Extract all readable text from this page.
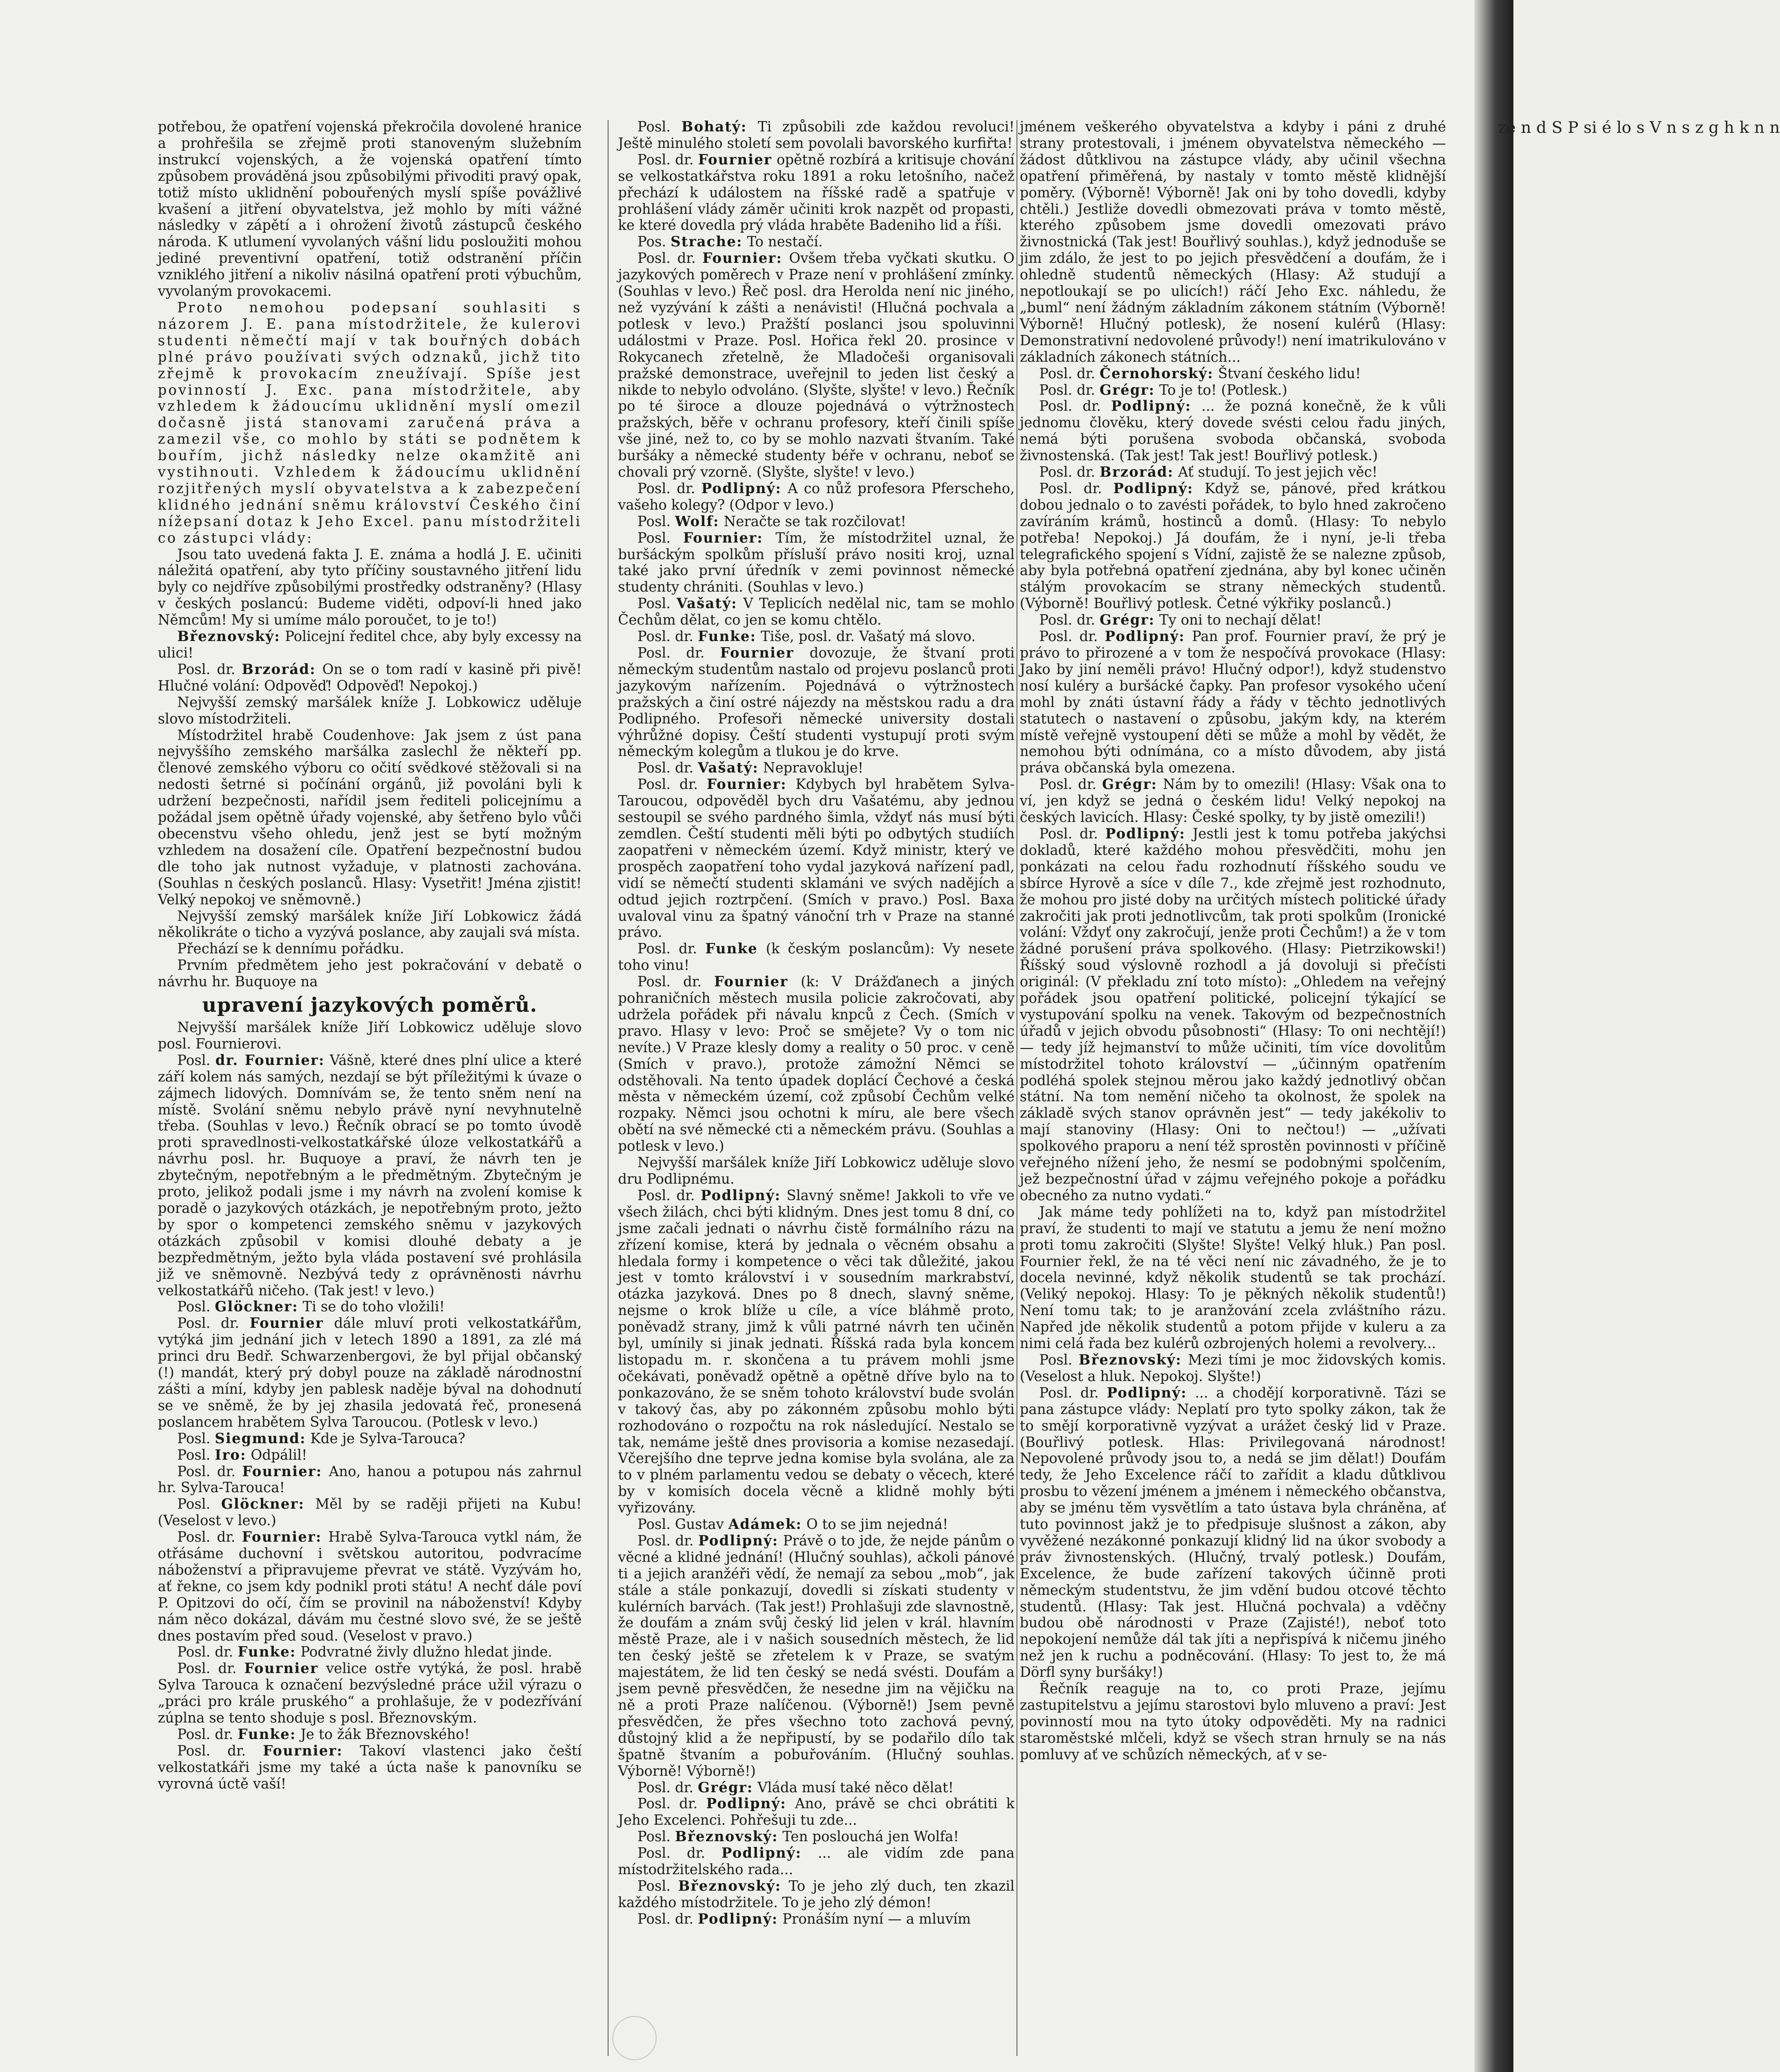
potřebou, že opatření vojenská překročila dovolené hranice a prohřešila se zřejmě proti stanoveným služebním instrukcí vojenských, a že vojenská opatření tímto způsobem prováděná jsou způsobilými přivoditi pravý opak, totiž místo uklidnění pobouřených myslí spíše povážlivé kvašení a jitření obyvatelstva, jež mohlo by míti vážné následky v zápětí a i ohrožení životů zástupců českého národa. K utlumení vyvolaných vášní lidu posloužiti mohou jediné preventivní opatření, totiž odstranění příčin vzniklého jitření a nikoliv násilná opatření proti výbuchům, vyvolaným provokacemi.

Proto nemohou podepsaní souhlasiti s názorem J. E. pana místodržitele, že kulerovi studenti němečtí mají v tak bouřných dobách plné právo používati svých odznaků, jichž tito zřejmě k provokacím zneužívají. Spíše jest povinností J. Exc. pana místodržitele, aby vzhledem k žádoucímu uklidnění myslí omezil dočasně jistá stanovami zaručená práva a zamezil vše, co mohlo by státi se podnětem k bouřím, jichž následky nelze okamžitě ani vystihnouti. Vzhledem k žádoucímu uklidnění rozjitřených myslí obyvatelstva a k zabezpečení klidného jednání sněmu království Českého činí nížepsaní dotaz k Jeho Excel. panu místodržiteli co zástupci vlády:

Jsou tato uvedená fakta J. E. známa a hodlá J. E. učiniti náležitá opatření, aby tyto příčiny soustavného jitření lidu byly co nejdříve způsobilými prostředky odstraněny? (Hlasy v českých poslancú: Budeme viděti, odpoví-li hned jako Němcům! My si umíme málo poroučet, to je to!)

Březnovský: Policejní ředitel chce, aby byly excessy na ulici!

Posl. dr. Brzorád: On se o tom radí v kasině při pivě! Hlučné volání: Odpověď! Odpověď! Nepokoj.)

Nejvyšší zemský maršálek kníže J. Lobkowicz uděluje slovo místodržiteli.

Místodržitel hrabě Coudenhove: Jak jsem z úst pana nejvyššího zemského maršálka zaslechl že někteří pp. členové zemského výboru co očití svědkové stěžovali si na nedosti šetrné si počínání orgánů, již povoláni byli k udržení bezpečnosti, nařídil jsem řediteli policejnímu a požádal jsem opětně úřady vojenské, aby šetřeno bylo vůči obecenstvu všeho ohledu, jenž jest se bytí možným vzhledem na dosažení cíle. Opatření bezpečnostní budou dle toho jak nutnost vyžaduje, v platnosti zachována. (Souhlas n českých poslanců. Hlasy: Vysetřit! Jména zjistit! Velký nepokoj ve sněmovně.)

Nejvyšší zemský maršálek kníže Jiří Lobkowicz žádá několikráte o ticho a vyzývá poslance, aby zaujali svá místa.

Přechází se k dennímu pořádku.

Prvním předmětem jeho jest pokračování v debatě o návrhu hr. Buquoye na

upravení jazykových poměrů.

Nejvyšší maršálek kníže Jiří Lobkowicz uděluje slovo posl. Fournierovi.

Posl. dr. Fournier: Vášně, které dnes plní ulice a které září kolem nás samých, nezdají se být příležitými k úvaze o zájmech lidových. Domnívám se, že tento sněm není na místě. Svolání sněmu nebylo právě nyní nevyhnutelně třeba. (Souhlas v levo.) Řečník obrací se po tomto úvodě proti spravedlnosti-velkostatkářské úloze velkostatkářů a návrhu posl. hr. Buquoye a praví, že návrh ten je zbytečným, nepotřebným a le předmětným. Zbytečným je proto, jelikož podali jsme i my návrh na zvolení komise k poradě o jazykových otázkách, je nepotřebným proto, ježto by spor o kompetenci zemského sněmu v jazykových otázkách způsobil v komisi dlouhé debaty a je bezpředmětným, ježto byla vláda postavení své prohlásila již ve sněmovně. Nezbývá tedy z oprávněnosti návrhu velkostatkářů ničeho. (Tak jest! v levo.)

Posl. Glöckner: Ti se do toho vložili!

Posl. dr. Fournier dále mluví proti velkostatkářům, vytýká jim jednání jich v letech 1890 a 1891, za zlé má princi dru Bedř. Schwarzenbergovi, že byl přijal občanský (!) mandát, který prý dobyl pouze na základě národnostní zášti a míní, kdyby jen pablesk naděje býval na dohodnutí se ve sněmě, že by jej zhasila jedovatá řeč, pronesená poslancem hrabětem Sylva Taroucou. (Potlesk v levo.)

Posl. Siegmund: Kde je Sylva-Tarouca?

Posl. Iro: Odpálil!

Posl. dr. Fournier: Ano, hanou a potupou nás zahrnul hr. Sylva-Tarouca!

Posl. Glöckner: Měl by se raději přijeti na Kubu! (Veselost v levo.)

Posl. dr. Fournier: Hrabě Sylva-Tarouca vytkl nám, že otřásáme duchovní i světskou autoritou, podvracíme náboženství a připravujeme převrat ve státě. Vyzývám ho, ať řekne, co jsem kdy podnikl proti státu! A nechť dále poví P. Opitzovi do očí, čím se provinil na náboženství! Kdyby nám něco dokázal, dávám mu čestné slovo své, že se ještě dnes postavím před soud. (Veselost v pravo.)

Posl. dr. Funke: Podvratné živly dlužno hledat jinde.

Posl. dr. Fournier velice ostře vytýká, že posl. hrabě Sylva Tarouca k označení bezvýsledné práce užil výrazu o „práci pro krále pruského“ a prohlašuje, že v podezřívání zúplna se tento shoduje s posl. Březnovským.

Posl. dr. Funke: Je to žák Březnovského!

Posl. dr. Fournier: Takoví vlastenci jako čeští velkostatkáři jsme my také a úcta naše k panovníku se vyrovná úctě vaší!

Posl. Bohatý: Ti způsobili zde každou revoluci! Ještě minulého století sem povolali bavorského kurfiřta!

Posl. dr. Fournier opětně rozbírá a kritisuje chování se velkostatkářstva roku 1891 a roku letošního, načež přechází k událostem na říšské radě a spatřuje v prohlášení vlády záměr učiniti krok nazpět od propasti, ke které dovedla prý vláda hraběte Badeniho lid a říši.

Pos. Strache: To nestačí.

Posl. dr. Fournier: Ovšem třeba vyčkati skutku. O jazykových poměrech v Praze není v prohlášení zmínky. (Souhlas v levo.) Řeč posl. dra Herolda není nic jiného, než vyzývání k zášti a nenávisti! (Hlučná pochvala a potlesk v levo.) Pražští poslanci jsou spoluvinni událostmi v Praze. Posl. Hořica řekl 20. prosince v Rokycanech zřetelně, že Mladočeši organisovali pražské demonstrace, uveřejnil to jeden list český a nikde to nebylo odvoláno. (Slyšte, slyšte! v levo.) Řečník po té široce a dlouze pojednává o výtržnostech pražských, běře v ochranu profesory, kteří činili spíše vše jiné, než to, co by se mohlo nazvati štvaním. Také buršáky a německé studenty béře v ochranu, neboť se chovali prý vzorně. (Slyšte, slyšte! v levo.)

Posl. dr. Podlipný: A co nůž profesora Pferscheho, vašeho kolegy? (Odpor v levo.)

Posl. Wolf: Neračte se tak rozčilovat!

Posl. Fournier: Tím, že místodržitel uznal, že buršáckým spolkům přísluší právo nositi kroj, uznal také jako první úředník v zemi povinnost německé studenty chrániti. (Souhlas v levo.)

Posl. Vašatý: V Teplicích nedělal nic, tam se mohlo Čechům dělat, co jen se komu chtělo.

Posl. dr. Funke: Tiše, posl. dr. Vašatý má slovo.

Posl. dr. Fournier dovozuje, že štvaní proti německým studentům nastalo od projevu poslanců proti jazykovým nařízením. Pojednává o výtržnostech pražských a činí ostré nájezdy na městskou radu a dra Podlipného. Profesoři německé university dostali výhrůžné dopisy. Čeští studenti vystupují proti svým německým kolegům a tlukou je do krve.

Posl. dr. Vašatý: Nepravokluje!

Posl. dr. Fournier: Kdybych byl hrabětem Sylva-Taroucou, odpověděl bych dru Vašatému, aby jednou sestoupil se svého pardného šimla, vždyť nás musí býti zemdlen. Čeští studenti měli býti po odbytých studiích zaopatřeni v německém území. Když ministr, který ve prospěch zaopatření toho vydal jazyková nařízení padl, vidí se němečtí studenti sklamáni ve svých nadějích a odtud jejich roztrpčení. (Smích v pravo.) Posl. Baxa uvaloval vinu za špatný vánoční trh v Praze na stanné právo.

Posl. dr. Funke (k českým poslancům): Vy nesete toho vinu!

Posl. dr. Fournier (k: V Drážďanech a jiných pohraničních městech musila policie zakročovati, aby udržela pořádek při návalu knpců z Čech. (Smích v pravo. Hlasy v levo: Proč se smějete? Vy o tom nic nevíte.) V Praze klesly domy a reality o 50 proc. v ceně (Smích v pravo.), protože zámožní Němci se odstěhovali. Na tento úpadek doplácí Čechové a česká města v německém území, což způsobí Čechům velké rozpaky. Němci jsou ochotni k míru, ale bere všech obětí na své německé cti a německém právu. (Souhlas a potlesk v levo.)

Nejvyšší maršálek kníže Jiří Lobkowicz uděluje slovo dru Podlipnému.

Posl. dr. Podlipný: Slavný sněme! Jakkoli to vře ve všech žilách, chci býti klidným. Dnes jest tomu 8 dní, co jsme začali jednati o návrhu čistě formálního rázu na zřízení komise, která by jednala o věcném obsahu a hledala formy i kompetence o věci tak důležité, jakou jest v tomto království i v sousedním markrabství, otázka jazyková. Dnes po 8 dnech, slavný sněme, nejsme o krok blíže u cíle, a více bláhmě proto, poněvadž strany, jimž k vůli patrné návrh ten učiněn byl, umínily si jinak jednati. Říšská rada byla koncem listopadu m. r. skončena a tu právem mohli jsme očekávati, poněvadž opětně a opětně dříve bylo na to ponkazováno, že se sněm tohoto království bude svolán v takový čas, aby po zákonném způsobu mohlo býti rozhodováno o rozpočtu na rok následující. Nestalo se tak, nemáme ještě dnes provisoria a komise nezasedají. Včerejšího dne teprve jedna komise byla svolána, ale za to v plném parlamentu vedou se debaty o věcech, které by v komisích docela věcně a klidně mohly býti vyřizovány.

Posl. Gustav Adámek: O to se jim nejedná!

Posl. dr. Podlipný: Právě o to jde, že nejde pánům o věcné a klidné jednání! (Hlučný souhlas), ačkoli pánové ti a jejich aranžéři vědí, že nemají za sebou „mob“, jak stále a stále ponkazují, dovedli si získati studenty v kulérních barvách. (Tak jest!) Prohlašuji zde slavnostně, že doufám a znám svůj český lid jelen v král. hlavním městě Praze, ale i v našich sousedních městech, že lid ten český ještě se zřetelem k v Praze, se svatým majestátem, že lid ten český se nedá svésti. Doufám a jsem pevně přesvědčen, že nesedne jim na vějičku na ně a proti Praze nalíčenou. (Výborně!) Jsem pevně přesvědčen, že přes všechno toto zachová pevný, důstojný klid a že nepřipustí, by se podařilo dílo tak špatně štvaním a pobuřováním. (Hlučný souhlas. Výborně! Výborně!)

Posl. dr. Grégr: Vláda musí také něco dělat!

Posl. dr. Podlipný: Ano, právě se chci obrátiti k Jeho Excelenci. Pohřešuji tu zde...

Posl. Březnovský: Ten poslouchá jen Wolfa!

Posl. dr. Podlipný: ... ale vidím zde pana místodržitelského rada...

Posl. Březnovský: To je jeho zlý duch, ten zkazil každého místodržitele. To je jeho zlý démon!

Posl. dr. Podlipný: Pronáším nyní — a mluvím

jménem veškerého obyvatelstva a kdyby i páni z druhé strany protestovali, i jménem obyvatelstva německého — žádost důtklivou na zástupce vlády, aby učinil všechna opatření přiměřená, by nastaly v tomto městě klidnější poměry. (Výborně! Výborně! Jak oni by toho dovedli, kdyby chtěli.) Jestliže dovedli obmezovati práva v tomto městě, kterého způsobem jsme dovedli omezovati právo živnostnická (Tak jest! Bouřlivý souhlas.), když jednoduše se jim zdálo, že jest to po jejich přesvědčení a doufám, že i ohledně studentů německých (Hlasy: Až studují a nepotloukají se po ulicích!) ráčí Jeho Exc. náhledu, že „buml“ není žádným základním zákonem státním (Výborně! Výborně! Hlučný potlesk), že nosení kulérů (Hlasy: Demonstrativní nedovolené průvody!) není imatrikulováno v základních zákonech státních...

Posl. dr. Černohorský: Štvaní českého lidu!

Posl. dr. Grégr: To je to! (Potlesk.)

Posl. dr. Podlipný: ... že pozná konečně, že k vůli jednomu člověku, který dovede svésti celou řadu jiných, nemá býti porušena svoboda občanská, svoboda živnostenská. (Tak jest! Tak jest! Bouřlivý potlesk.)

Posl. dr. Brzorád: Ať studují. To jest jejich věc!

Posl. dr. Podlipný: Když se, pánové, před krátkou dobou jednalo o to zavésti pořádek, to bylo hned zakročeno zavíráním krámů, hostinců a domů. (Hlasy: To nebylo potřeba! Nepokoj.) Já doufám, že i nyní, je-li třeba telegrafického spojení s Vídní, zajistě že se nalezne způsob, aby byla potřebná opatření zjednána, aby byl konec učiněn stálým provokacím se strany německých studentů. (Výborně! Bouřlivý potlesk. Četné výkřiky poslanců.)

Posl. dr. Grégr: Ty oni to nechají dělat!

Posl. dr. Podlipný: Pan prof. Fournier praví, že prý je právo to přirozené a v tom že nespočívá provokace (Hlasy: Jako by jiní neměli právo! Hlučný odpor!), když studenstvo nosí kuléry a buršácké čapky. Pan profesor vysokého učení mohl by znáti ústavní řády a řády v těchto jednotlivých statutech o nastavení o způsobu, jakým kdy, na kterém místě veřejně vystoupení děti se může a mohl by vědět, že nemohou býti odnímána, co a místo důvodem, aby jistá práva občanská byla omezena.

Posl. dr. Grégr: Nám by to omezili! (Hlasy: Však ona to ví, jen když se jedná o českém lidu! Velký nepokoj na českých lavicích. Hlasy: České spolky, ty by jistě omezili!)

Posl. dr. Podlipný: Jestli jest k tomu potřeba jakýchsi dokladů, které každého mohou přesvědčiti, mohu jen ponkázati na celou řadu rozhodnutí říšského soudu ve sbírce Hyrově a síce v díle 7., kde zřejmě jest rozhodnuto, že mohou pro jisté doby na určitých místech politické úřady zakročiti jak proti jednotlivcům, tak proti spolkům (Ironické volání: Vždyť ony zakročují, jenže proti Čechům!) a že v tom žádné porušení práva spolkového. (Hlasy: Pietrzikowski!) Říšský soud výslovně rozhodl a já dovoluji si přečísti originál: (V překladu zní toto místo): „Ohledem na veřejný pořádek jsou opatření politické, policejní týkající se vystupování spolku na venek. Takovým od bezpečnostních úřadů v jejich obvodu působnosti“ (Hlasy: To oni nechtějí!) — tedy jíž hejmanství to může učiniti, tím více dovolitům místodržitel tohoto království — „účinným opatřením podléhá spolek stejnou měrou jako každý jednotlivý občan státní. Na tom nemění ničeho ta okolnost, že spolek na základě svých stanov oprávněn jest“ — tedy jakékoliv to mají stanoviny (Hlasy: Oni to nečtou!) — „užívati spolkového praporu a není též sprostěn povinnosti v příčině veřejného nížení jeho, že nesmí se podobnými spolčením, jež bezpečnostní úřad v zájmu veřejného pokoje a pořádku obecného za nutno vydati.“

Jak máme tedy pohlížeti na to, když pan místodržitel praví, že studenti to mají ve statutu a jemu že není možno proti tomu zakročiti (Slyšte! Slyšte! Velký hluk.) Pan posl. Fournier řekl, že na té věci není nic závadného, že je to docela nevinné, když několik studentů se tak prochází. (Veliký nepokoj. Hlasy: To je pěkných několik studentů!) Není tomu tak; to je aranžování zcela zvláštního rázu. Napřed jde několik studentů a potom přijde v kuleru a za nimi celá řada bez kulérů ozbrojených holemi a revolvery...

Posl. Březnovský: Mezi tími je moc židovských komis. (Veselost a hluk. Nepokoj. Slyšte!)

Posl. dr. Podlipný: ... a chodějí korporativně. Tázi se pana zástupce vlády: Neplatí pro tyto spolky zákon, tak že to smějí korporativně vyzývat a urážet český lid v Praze. (Bouřlivý potlesk. Hlas: Privilegovaná národnost! Nepovolené průvody jsou to, a nedá se jim dělat!) Doufám tedy, že Jeho Excelence ráčí to zařídit a kladu důtklivou prosbu to vězení jménem a jménem i německého občanstva, aby se jménu těm vysvětlím a tato ústava byla chráněna, ať tuto povinnost jakž je to předpisuje slušnost a zákon, aby vyvěžené nezákonné ponkazují klidný lid na úkor svobody a práv živnostenských. (Hlučný, trvalý potlesk.) Doufám, Excelence, že bude zařízení takových účinně proti německým studentstvu, že jim vdění budou otcové těchto studentů. (Hlasy: Tak jest. Hlučná pochvala) a vděčny budou obě národnosti v Praze (Zajisté!), neboť toto nepokojení nemůže dál tak jíti a nepřispívá k ničemu jiného než jen k ruchu a podněcování. (Hlasy: To jest to, že má Dörfl syny buršáky!)

Řečník reaguje na to, co proti Praze, jejímu zastupitelstvu a jejímu starostovi bylo mluveno a praví: Jest povinností mou na tyto útoky odpověděti. My na radnici staroměstské mlčeli, když se všech stran hrnuly se na nás pomluvy ať ve schůzích německých, ať v se-

ze n d S P si é lo s V n s z g h k n n
